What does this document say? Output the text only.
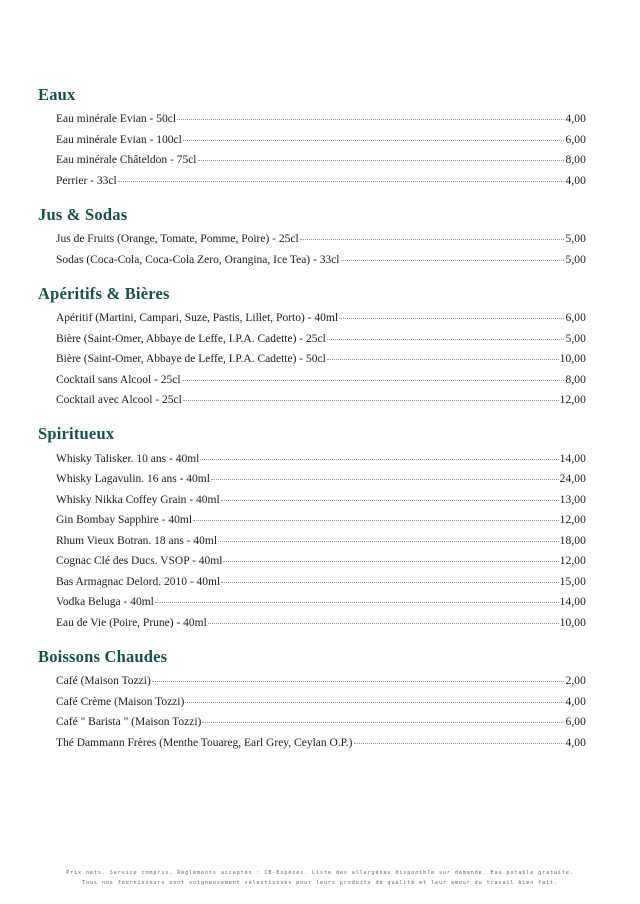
Eaux
Eau minérale Evian - 50cl	4,00
Eau minérale Evian - 100cl	6,00
Eau minérale Châteldon - 75cl	8,00
Perrier - 33cl	4,00
Jus & Sodas
Jus de Fruits (Orange, Tomate, Pomme, Poire) - 25cl	5,00
Sodas (Coca-Cola, Coca-Cola Zero, Orangina, Ice Tea) - 33cl	5,00
Apéritifs & Bières
Apéritif (Martini, Campari, Suze, Pastis, Lillet, Porto) - 40ml	6,00
Bière (Saint-Omer, Abbaye de Leffe, I.P.A. Cadette) - 25cl	5,00
Bière (Saint-Omer, Abbaye de Leffe, I.P.A. Cadette) - 50cl	10,00
Cocktail sans Alcool - 25cl	8,00
Cocktail avec Alcool - 25cl	12,00
Spiritueux
Whisky Talisker. 10 ans - 40ml	14,00
Whisky Lagavulin. 16 ans - 40ml	24,00
Whisky Nikka Coffey Grain - 40ml	13,00
Gin Bombay Sapphire - 40ml	12,00
Rhum Vieux Botran. 18 ans - 40ml	18,00
Cognac Clé des Ducs. VSOP - 40ml	12,00
Bas Armagnac Delord. 2010 - 40ml	15,00
Vodka Beluga - 40ml	14,00
Eau de Vie (Poire, Prune) - 40ml	10,00
Boissons Chaudes
Café (Maison Tozzi)	2,00
Café Crème (Maison Tozzi)	4,00
Café " Barista " (Maison Tozzi)	6,00
Thé Dammann Frères (Menthe Touareg, Earl Grey, Ceylan O.P.)	4,00
Prix nets. Service compris. Règlements acceptés : CB-Espèces. Liste des allergènes disponible sur demande. Eau potable gratuite.
Tous nos fournisseurs sont soigneusement sélectionnés pour leurs produits de qualité et leur amour du travail bien fait.
